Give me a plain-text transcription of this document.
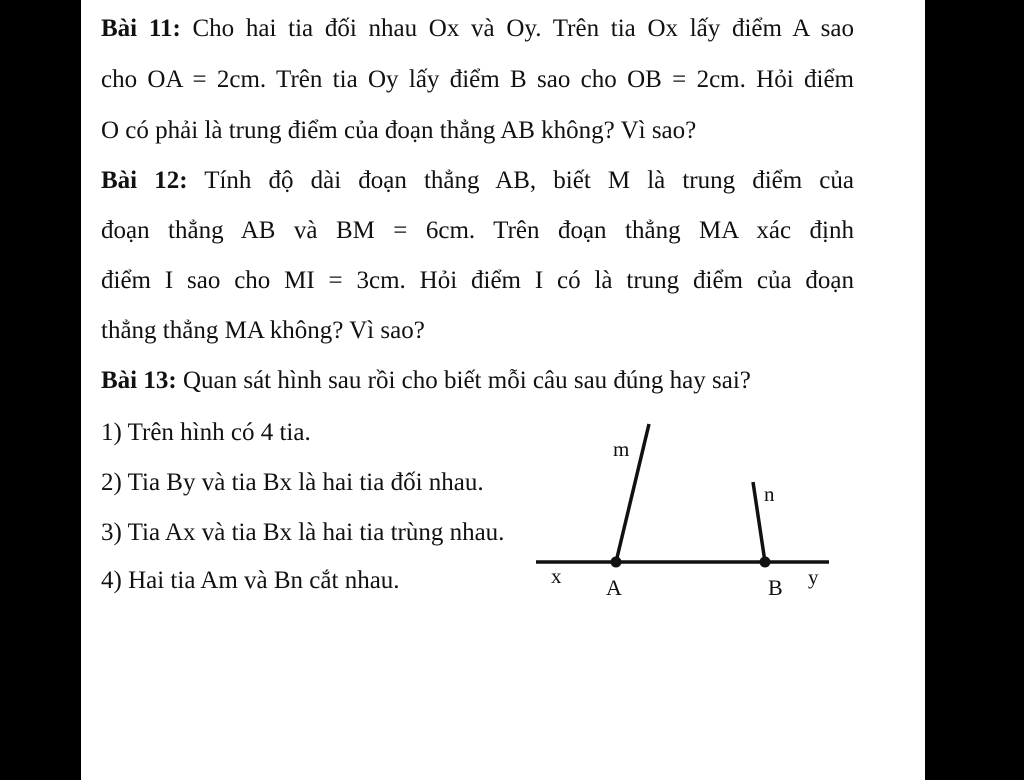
Bài 11: Cho hai tia đối nhau Ox và Oy. Trên tia Ox lấy điểm A sao
cho OA = 2cm. Trên tia Oy lấy điểm B sao cho OB = 2cm. Hỏi điểm
O có phải là trung điểm của đoạn thẳng AB không? Vì sao?
Bài 12: Tính độ dài đoạn thẳng AB, biết M là trung điểm của
đoạn thẳng AB và BM = 6cm. Trên đoạn thẳng MA xác định
điểm I sao cho MI = 3cm. Hỏi điểm I có là trung điểm của đoạn
thẳng thẳng MA không? Vì sao?
Bài 13: Quan sát hình sau rồi cho biết mỗi câu sau đúng hay sai?
1) Trên hình có 4 tia.
2) Tia By và tia Bx là hai tia đối nhau.
3) Tia Ax và tia Bx là hai tia trùng nhau.
4) Hai tia Am và Bn cắt nhau.	x	y
A	B
m
n
